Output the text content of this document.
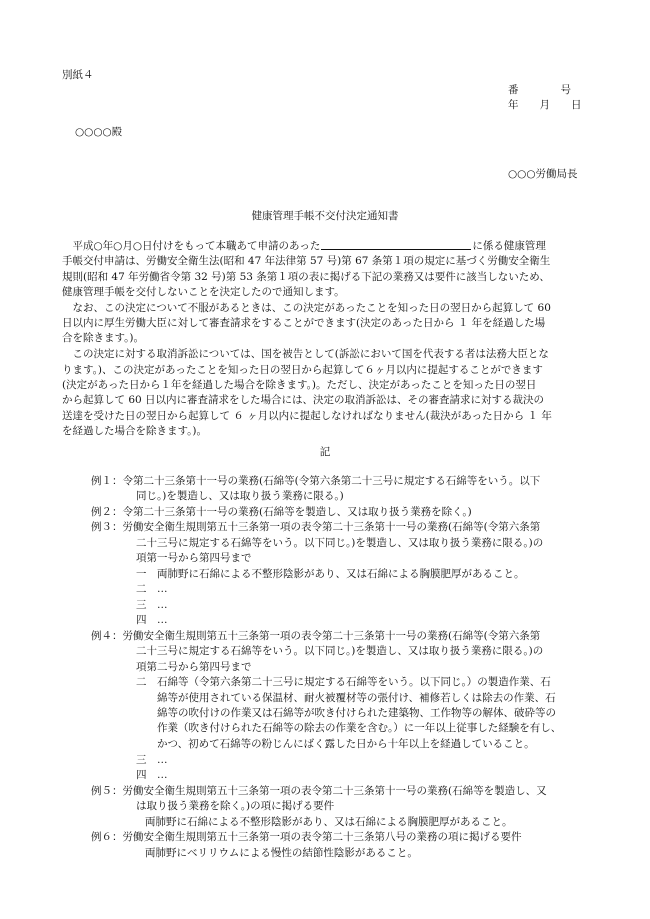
別紙４
番　　　　号
年　　月　　日
○○○○殿
○○○労働局長
健康管理手帳不交付決定通知書
　平成○年○月○日付けをもって本職あて申請のあった	に係る健康管理
手帳交付申請は、労働安全衛生法(昭和 47 年法律第 57 号)第 67 条第１項の規定に基づく労働安全衛生
規則(昭和 47 年労働省令第 32 号)第 53 条第１項の表に掲げる下記の業務又は要件に該当しないため、
健康管理手帳を交付しないことを決定したので通知します。
　なお、この決定について不服があるときは、この決定があったことを知った日の翌日から起算して 60
日以内に厚生労働大臣に対して審査請求をすることができます(決定のあった日から １ 年を経過した場
合を除きます。)。
　この決定に対する取消訴訟については、国を被告として(訴訟において国を代表する者は法務大臣とな
ります。)、この決定があったことを知った日の翌日から起算して６ヶ月以内に提起することができます
(決定があった日から１年を経過した場合を除きます。)。ただし、決定があったことを知った日の翌日
から起算して 60 日以内に審査請求をした場合には、決定の取消訴訟は、その審査請求に対する裁決の
送達を受けた日の翌日から起算して ６ ヶ月以内に提起しなければなりません(裁決があった日から １ 年
を経過した場合を除きます。)。
記
例１：令第二十三条第十一号の業務(石綿等(令第六条第二十三号に規定する石綿等をいう。以下
同じ。)を製造し、又は取り扱う業務に限る。)
例２：令第二十三条第十一号の業務(石綿等を製造し、又は取り扱う業務を除く。)
例３：労働安全衛生規則第五十三条第一項の表令第二十三条第十一号の業務(石綿等(令第六条第
二十三号に規定する石綿等をいう。以下同じ。)を製造し、又は取り扱う業務に限る。)の
項第一号から第四号まで
一　両肺野に石綿による不整形陰影があり、又は石綿による胸膜肥厚があること。
二　…
三　…
四　…
例４：労働安全衛生規則第五十三条第一項の表令第二十三条第十一号の業務(石綿等(令第六条第
二十三号に規定する石綿等をいう。以下同じ。)を製造し、又は取り扱う業務に限る。)の
項第二号から第四号まで
二　石綿等（令第六条第二十三号に規定する石綿等をいう。以下同じ。）の製造作業、石
綿等が使用されている保温材、耐火被覆材等の張付け、補修若しくは除去の作業、石
綿等の吹付けの作業又は石綿等が吹き付けられた建築物、工作物等の解体、破砕等の
作業（吹き付けられた石綿等の除去の作業を含む。）に一年以上従事した経験を有し、
かつ、初めて石綿等の粉じんにばく露した日から十年以上を経過していること。
三　…
四　…
例５：労働安全衛生規則第五十三条第一項の表令第二十三条第十一号の業務(石綿等を製造し、又
は取り扱う業務を除く。)の項に掲げる要件
両肺野に石綿による不整形陰影があり、又は石綿による胸膜肥厚があること。
例６：労働安全衛生規則第五十三条第一項の表令第二十三条第八号の業務の項に掲げる要件
両肺野にベリリウムによる慢性の結節性陰影があること。
